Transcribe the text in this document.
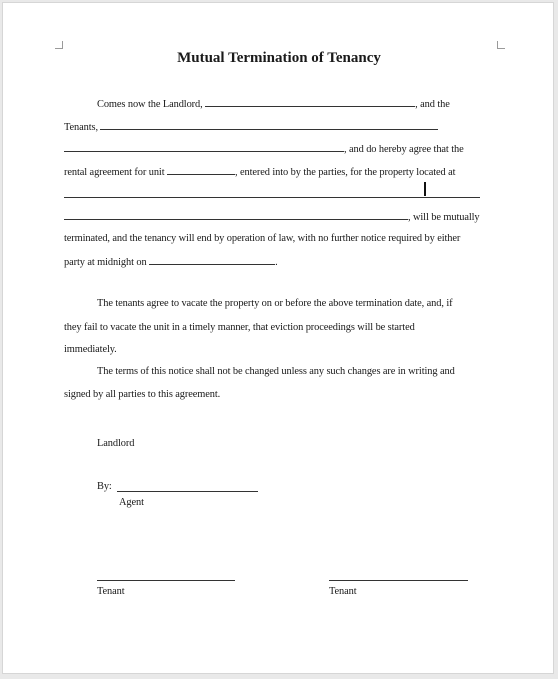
Mutual Termination of Tenancy
Comes now the Landlord,	, and the
Tenants,
, and do hereby agree that the
rental agreement for unit	, entered into by the parties, for the property located at
, will be mutually
terminated, and the tenancy will end by operation of law, with no further notice required by either
party at midnight on	.
The tenants agree to vacate the property on or before the above termination date, and, if
they fail to vacate the unit in a timely manner, that eviction proceedings will be started
immediately.
The terms of this notice shall not be changed unless any such changes are in writing and
signed by all parties to this agreement.
Landlord
By:
Agent
Tenant	Tenant
